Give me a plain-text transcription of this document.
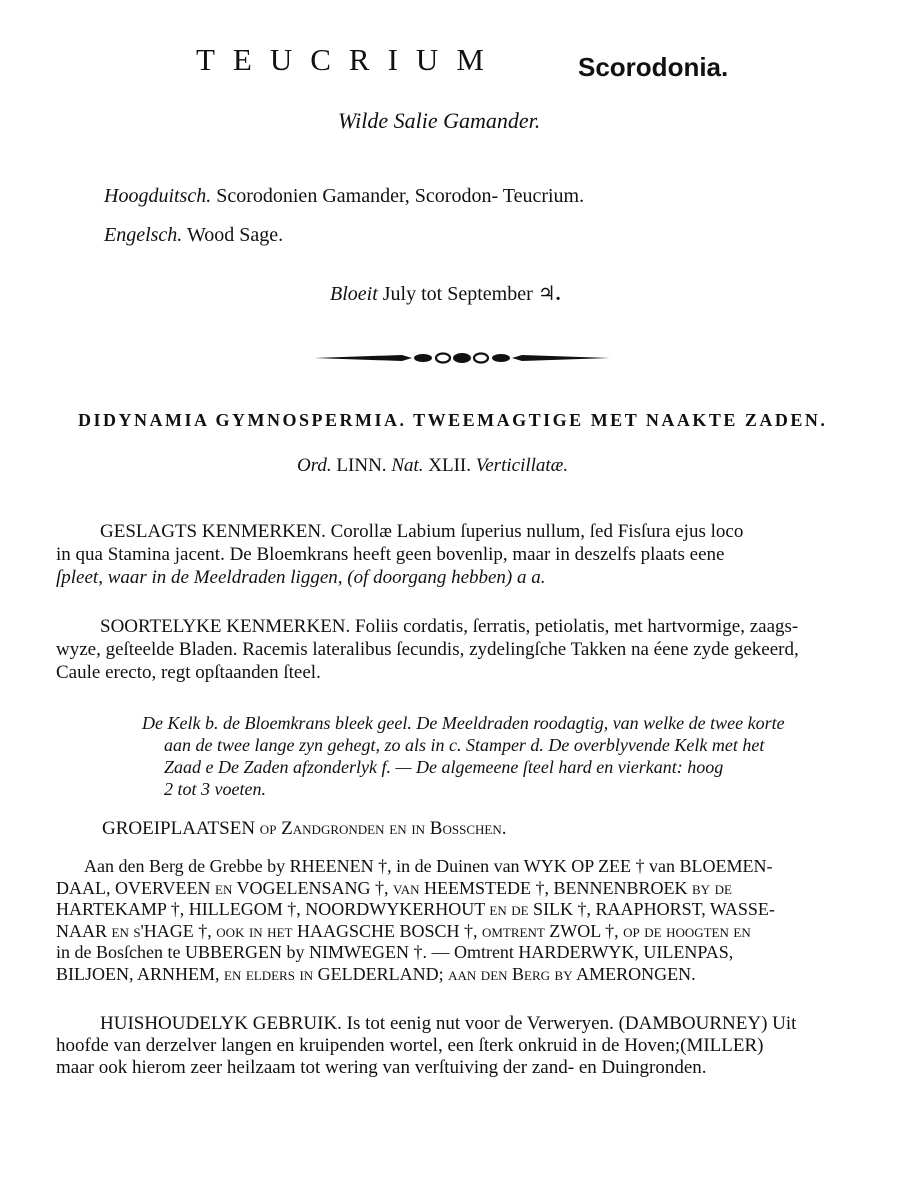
TEUCRIUM	Scorodonia.
Wilde Salie Gamander.
Hoogduitsch. Scorodonien Gamander, Scorodon- Teucrium.
Engelsch. Wood Sage.
Bloeit July tot September ♃.
DIDYNAMIA GYMNOSPERMIA. TWEEMAGTIGE MET NAAKTE ZADEN.
Ord. LINN. Nat. XLII. Verticillatæ.
GESLAGTS KENMERKEN. Corollæ Labium ſuperius nullum, ſed Fisſura ejus loco
in qua Stamina jacent. De Bloemkrans heeft geen bovenlip, maar in deszelfs plaats eene
ſpleet, waar in de Meeldraden liggen, (of doorgang hebben) a a.
SOORTELYKE KENMERKEN. Foliis cordatis, ſerratis, petiolatis, met hartvormige, zaags-
wyze, geſteelde Bladen. Racemis lateralibus ſecundis, zydelingſche Takken na éene zyde gekeerd,
Caule erecto, regt opſtaanden ſteel.
De Kelk b. de Bloemkrans bleek geel. De Meeldraden roodagtig, van welke de twee korte
aan de twee lange zyn gehegt, zo als in c. Stamper d. De overblyvende Kelk met het
Zaad e De Zaden afzonderlyk f. — De algemeene ſteel hard en vierkant: hoog
2 tot 3 voeten.
GROEIPLAATSEN op Zandgronden en in Bosſchen.
Aan den Berg de Grebbe by RHEENEN †, in de Duinen van WYK OP ZEE † van BLOEMEN-
DAAL, OVERVEEN en VOGELENSANG †, van HEEMSTEDE †, BENNENBROEK by de
HARTEKAMP †, HILLEGOM †, NOORDWYKERHOUT en de SILK †, RAAPHORST, WASSE-
NAAR en s'HAGE †, ook in het HAAGSCHE BOSCH †, omtrent ZWOL †, op de hoogten en
in de Bosſchen te UBBERGEN by NIMWEGEN †. — Omtrent HARDERWYK, UILENPAS,
BILJOEN, ARNHEM, en elders in GELDERLAND; aan den Berg by AMERONGEN.
HUISHOUDELYK GEBRUIK. Is tot eenig nut voor de Verweryen. (DAMBOURNEY) Uit
hoofde van derzelver langen en kruipenden wortel, een ſterk onkruid in de Hoven;(MILLER)
maar ook hierom zeer heilzaam tot wering van verſtuiving der zand- en Duingronden.
